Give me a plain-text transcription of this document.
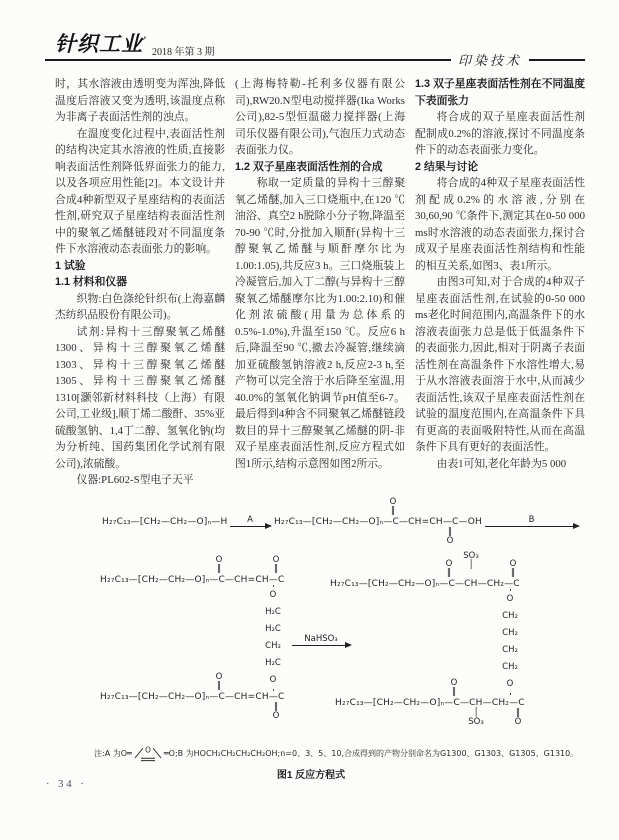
针织工业’
2018 年第 3 期
印染技术

时，其水溶液由透明变为浑浊,降低温度后溶液又变为透明,该温度点称为非离子表面活性剂的浊点。

在温度变化过程中,表面活性剂的结构决定其水溶液的性质,直接影响表面活性剂降低界面张力的能力,以及各项应用性能[2]。本文设计并合成4种新型双子星座结构的表面活性剂,研究双子星座结构表面活性剂中的聚氧乙烯醚链段对不同温度条件下水溶液动态表面张力的影响。

1 试验
1.1 材料和仪器

织物:白色涤纶针织布(上海嘉麟杰纺织品股份有限公司)。

试剂:异构十三醇聚氧乙烯醚1300、异构十三醇聚氧乙烯醚1303、异构十三醇聚氧乙烯醚1305、异构十三醇聚氧乙烯醚1310[灏邻新材料科技（上海）有限公司,工业级],顺丁烯二酸酐、35%亚硫酸氢钠、1,4丁二醇、氢氧化钠(均为分析纯、国药集团化学试剂有限公司),浓硫酸。

仪器:PL602-S型电子天平

(上海梅特勒-托利多仪器有限公司),RW20.N型电动搅拌器(Ika Works公司),82-5型恒温磁力搅拌器(上海司乐仪器有限公司),气泡压力式动态表面张力仪。

1.2 双子星座表面活性剂的合成

称取一定质量的异构十三醇聚氧乙烯醚,加入三口烧瓶中,在120 ℃油浴、真空2 h脱除小分子物,降温至70-90 ℃时,分批加入顺酐(异构十三醇聚氧乙烯醚与顺酐摩尔比为1.00:1.05),共反应3 h。三口烧瓶装上冷凝管后,加入丁二醇(与异构十三醇聚氧乙烯醚摩尔比为1.00:2.10)和催化剂浓硫酸(用量为总体系的0.5%-1.0%),升温至150 ℃。反应6 h后,降温至90 ℃,撤去冷凝管,继续滴加亚硫酸氢钠溶液2 h,反应2-3 h,至产物可以完全溶于水后降至室温,用40.0%的氢氧化钠调节pH值至6-7。最后得到4种含不同聚氧乙烯醚链段数目的异十三醇聚氧乙烯醚的阴-非双子星座表面活性剂,反应方程式如图1所示,结构示意图如图2所示。

1.3 双子星座表面活性剂在不同温度下表面张力

将合成的双子星座表面活性剂配制成0.2%的溶液,探讨不同温度条件下的动态表面张力变化。

2 结果与讨论

将合成的4种双子星座表面活性剂配成0.2%的水溶液,分别在30,60,90 ℃条件下,测定其在0-50 000 ms时水溶液的动态表面张力,探讨合成双子星座表面活性剂结构和性能的相互关系,如图3、表1所示。

由图3可知,对于合成的4种双子星座表面活性剂,在试验的0-50 000 ms老化时间范围内,高温条件下的水溶液表面张力总是低于低温条件下的表面张力,因此,相对于阴离子表面活性剂在高温条件下水溶性增大,易于从水溶液表面溶于水中,从而减少表面活性,该双子星座表面活性剂在试验的温度范围内,在高温条件下具有更高的表面吸附特性,从而在高温条件下具有更好的表面活性。

由表1可知,老化年龄为5 000

注:A 为O═ O ═O;B 为HOCH₂CH₂CH₂CH₂OH;n=0、3、5、10,合成得到的产物分别命名为G1300、G1303、G1305、G1310。
图1 反应方程式
H₂₇C₁₃—[CH₂—CH₂—O]ₙ—H	A
O
‖
H₂₇C₁₃—[CH₂—CH₂—O]ₙ—C—CH=CH—C—OH
‖
O
B
O
‖
O
‖
H₂₇C₁₃—[CH₂—CH₂—O]ₙ—C—CH=CH—C
O
H₂C
H₂C
CH₂
H₂C
O
O
‖
H₂₇C₁₃—[CH₂—CH₂—O]ₙ—C—CH=CH—C
‖
O
NaHSO₃
O
‖
SO₃
│	O
‖
H₂₇C₁₃—[CH₂—CH₂—O]ₙ—C—CH—CH₂—C
O
CH₂
CH₂
CH₂
CH₂
O
O
‖
H₂₇C₁₃—[CH₂—CH₂—O]ₙ—C—CH—CH₂—C
│
SO₃
‖
O
· 34 ·
